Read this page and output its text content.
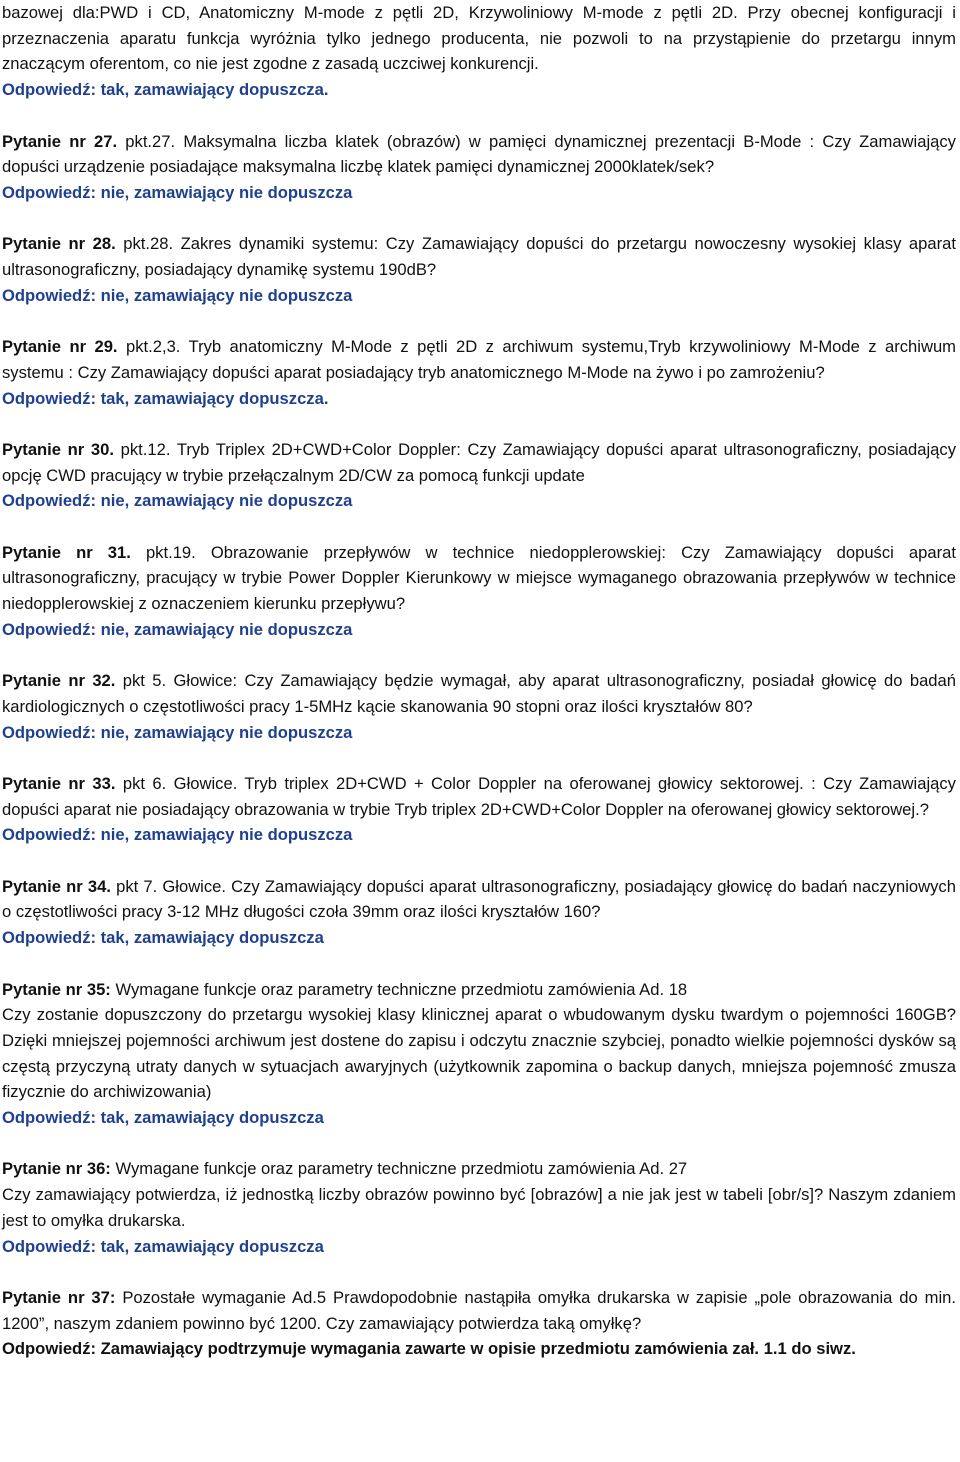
bazowej dla:PWD i CD, Anatomiczny M-mode z pętli 2D, Krzywoliniowy M-mode z pętli 2D. Przy obecnej konfiguracji i przeznaczenia aparatu funkcja wyróżnia tylko jednego producenta, nie pozwoli to na przystąpienie do przetargu innym znaczącym oferentom, co nie jest zgodne z zasadą uczciwej konkurencji.

Odpowiedź: tak, zamawiający dopuszcza.

Pytanie nr 27. pkt.27. Maksymalna liczba klatek (obrazów) w pamięci dynamicznej prezentacji B-Mode : Czy Zamawiający dopuści urządzenie posiadające maksymalna liczbę klatek pamięci dynamicznej 2000klatek/sek?

Odpowiedź: nie, zamawiający nie dopuszcza

Pytanie nr 28. pkt.28. Zakres dynamiki systemu: Czy Zamawiający dopuści do przetargu nowoczesny wysokiej klasy aparat ultrasonograficzny, posiadający dynamikę systemu 190dB?

Odpowiedź: nie, zamawiający nie dopuszcza

Pytanie nr 29. pkt.2,3. Tryb anatomiczny M-Mode z pętli 2D z archiwum systemu,Tryb krzywoliniowy M-Mode z archiwum systemu : Czy Zamawiający dopuści aparat posiadający tryb anatomicznego M-Mode na żywo i po zamrożeniu?

Odpowiedź: tak, zamawiający dopuszcza.

Pytanie nr 30. pkt.12. Tryb Triplex 2D+CWD+Color Doppler: Czy Zamawiający dopuści aparat ultrasonograficzny, posiadający opcję CWD pracujący w trybie przełączalnym 2D/CW za pomocą funkcji update

Odpowiedź: nie, zamawiający nie dopuszcza

Pytanie nr 31. pkt.19. Obrazowanie przepływów w technice niedopplerowskiej: Czy Zamawiający dopuści aparat ultrasonograficzny, pracujący w trybie Power Doppler Kierunkowy w miejsce wymaganego obrazowania przepływów w technice niedopplerowskiej z oznaczeniem kierunku przepływu?

Odpowiedź: nie, zamawiający nie dopuszcza

Pytanie nr 32. pkt 5. Głowice: Czy Zamawiający będzie wymagał, aby aparat ultrasonograficzny, posiadał głowicę do badań kardiologicznych o częstotliwości pracy 1-5MHz kącie skanowania 90 stopni oraz ilości kryształów 80?

Odpowiedź: nie, zamawiający nie dopuszcza

Pytanie nr 33. pkt 6. Głowice. Tryb triplex 2D+CWD + Color Doppler na oferowanej głowicy sektorowej. : Czy Zamawiający dopuści aparat nie posiadający obrazowania w trybie Tryb triplex 2D+CWD+Color Doppler na oferowanej głowicy sektorowej.?

Odpowiedź: nie, zamawiający nie dopuszcza

Pytanie nr 34. pkt 7. Głowice. Czy Zamawiający dopuści aparat ultrasonograficzny, posiadający głowicę do badań naczyniowych o częstotliwości pracy 3-12 MHz długości czoła 39mm oraz ilości kryształów 160?

Odpowiedź: tak, zamawiający dopuszcza

Pytanie nr 35: Wymagane funkcje oraz parametry techniczne przedmiotu zamówienia Ad. 18

Czy zostanie dopuszczony do przetargu wysokiej klasy klinicznej aparat o wbudowanym dysku twardym o pojemności 160GB? Dzięki mniejszej pojemności archiwum jest dostene do zapisu i odczytu znacznie szybciej, ponadto wielkie pojemności dysków są częstą przyczyną utraty danych w sytuacjach awaryjnych (użytkownik zapomina o backup danych, mniejsza pojemność zmusza fizycznie do archiwizowania)

Odpowiedź: tak, zamawiający dopuszcza

Pytanie nr 36: Wymagane funkcje oraz parametry techniczne przedmiotu zamówienia Ad. 27

Czy zamawiający potwierdza, iż jednostką liczby obrazów powinno być [obrazów] a nie jak jest w tabeli [obr/s]? Naszym zdaniem jest to omyłka drukarska.

Odpowiedź: tak, zamawiający dopuszcza

Pytanie nr 37: Pozostałe wymaganie Ad.5 Prawdopodobnie nastąpiła omyłka drukarska w zapisie „pole obrazowania do min. 1200”, naszym zdaniem powinno być 1200. Czy zamawiający potwierdza taką omyłkę?

Odpowiedź: Zamawiający podtrzymuje wymagania zawarte w opisie przedmiotu zamówienia zał. 1.1 do siwz.
